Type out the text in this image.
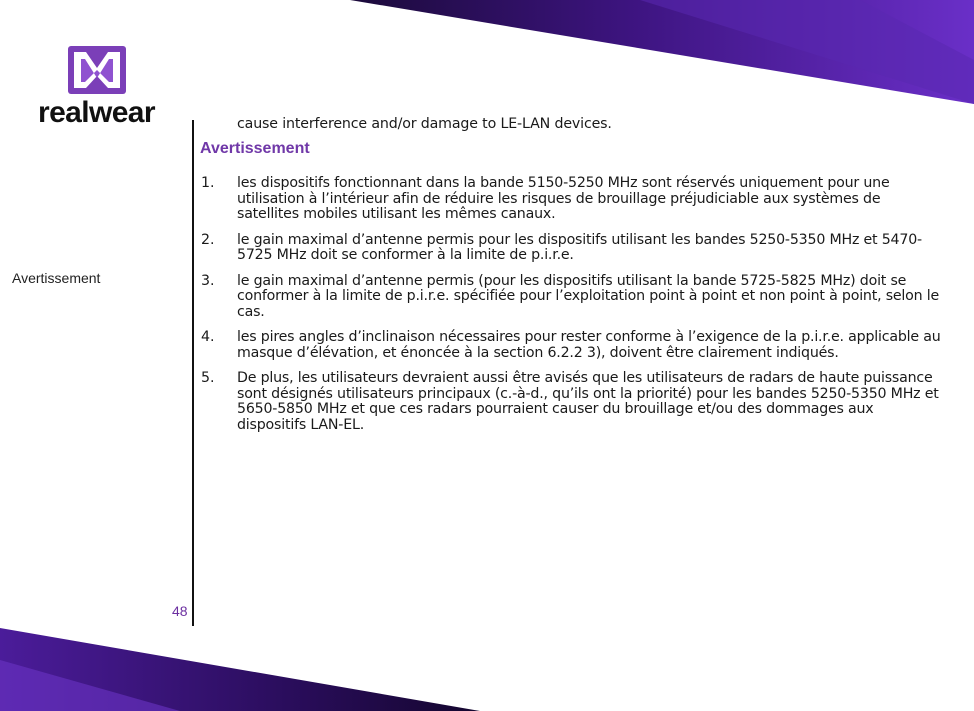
realwear
Avertissement
48
cause interference and/or damage to LE-LAN devices.
Avertissement
1. les dispositifs fonctionnant dans la bande 5150-5250 MHz sont réservés uniquement pour une utilisation à l’intérieur afin de réduire les risques de brouillage préjudiciable aux systèmes de satellites mobiles utilisant les mêmes canaux.
2. le gain maximal d’antenne permis pour les dispositifs utilisant les bandes 5250-5350 MHz et 5470-5725 MHz doit se conformer à la limite de p.i.r.e.
3. le gain maximal d’antenne permis (pour les dispositifs utilisant la bande 5725-5825 MHz) doit se conformer à la limite de p.i.r.e. spécifiée pour l’exploitation point à point et non point à point, selon le cas.
4. les pires angles d’inclinaison nécessaires pour rester conforme à l’exigence de la p.i.r.e. applicable au masque d’élévation, et énoncée à la section 6.2.2 3), doivent être clairement indiqués.
5. De plus, les utilisateurs devraient aussi être avisés que les utilisateurs de radars de haute puissance sont désignés utilisateurs principaux (c.-à-d., qu’ils ont la priorité) pour les bandes 5250-5350 MHz et 5650-5850 MHz et que ces radars pourraient causer du brouillage et/ou des dommages aux dispositifs LAN-EL.
